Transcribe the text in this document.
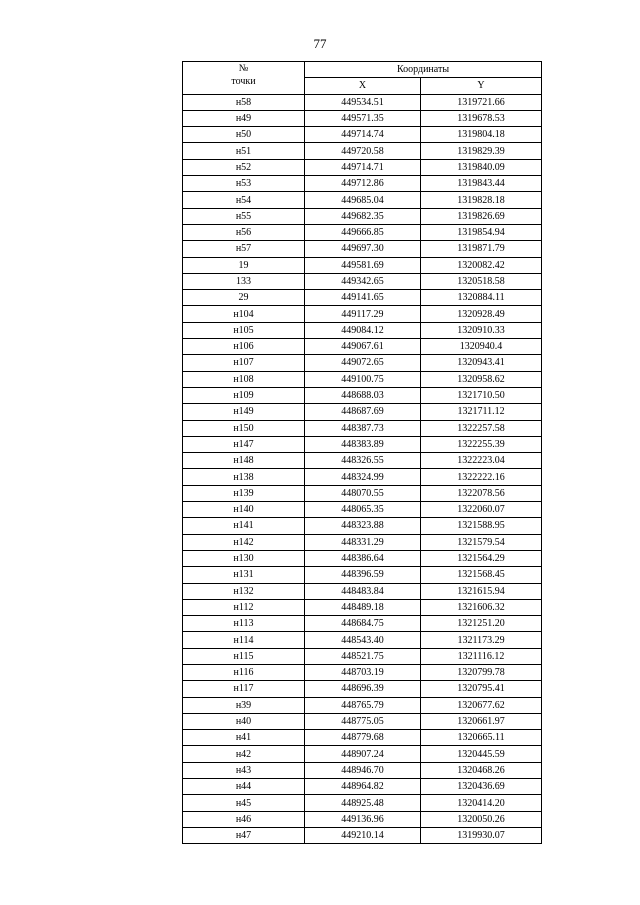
77
№
точки	Координаты	
	X	Y
н58	449534.51	1319721.66
н49	449571.35	1319678.53
н50	449714.74	1319804.18
н51	449720.58	1319829.39
н52	449714.71	1319840.09
н53	449712.86	1319843.44
н54	449685.04	1319828.18
н55	449682.35	1319826.69
н56	449666.85	1319854.94
н57	449697.30	1319871.79
19	449581.69	1320082.42
133	449342.65	1320518.58
29	449141.65	1320884.11
н104	449117.29	1320928.49
н105	449084.12	1320910.33
н106	449067.61	1320940.4
н107	449072.65	1320943.41
н108	449100.75	1320958.62
н109	448688.03	1321710.50
н149	448687.69	1321711.12
н150	448387.73	1322257.58
н147	448383.89	1322255.39
н148	448326.55	1322223.04
н138	448324.99	1322222.16
н139	448070.55	1322078.56
н140	448065.35	1322060.07
н141	448323.88	1321588.95
н142	448331.29	1321579.54
н130	448386.64	1321564.29
н131	448396.59	1321568.45
н132	448483.84	1321615.94
н112	448489.18	1321606.32
н113	448684.75	1321251.20
н114	448543.40	1321173.29
н115	448521.75	1321116.12
н116	448703.19	1320799.78
н117	448696.39	1320795.41
н39	448765.79	1320677.62
н40	448775.05	1320661.97
н41	448779.68	1320665.11
н42	448907.24	1320445.59
н43	448946.70	1320468.26
н44	448964.82	1320436.69
н45	448925.48	1320414.20
н46	449136.96	1320050.26
н47	449210.14	1319930.07
